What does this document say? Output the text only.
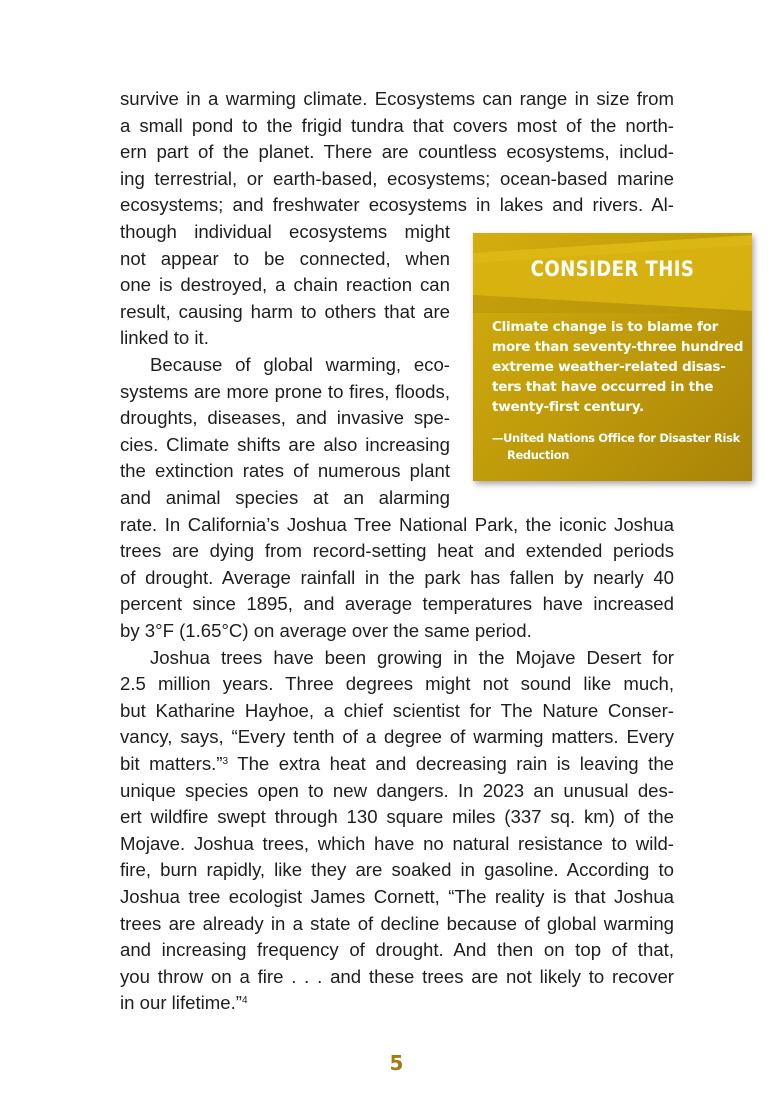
survive in a warming climate. Ecosystems can range in size from
a small pond to the frigid tundra that covers most of the north-
ern part of the planet. There are countless ecosystems, includ-
ing terrestrial, or earth-based, ecosystems; ocean-based marine
ecosystems; and freshwater ecosystems in lakes and rivers. Al-
though individual ecosystems might
not appear to be connected, when
one is destroyed, a chain reaction can
result, causing harm to others that are
linked to it.
Because of global warming, eco-
systems are more prone to fires, floods,
droughts, diseases, and invasive spe-
cies. Climate shifts are also increasing
the extinction rates of numerous plant
and animal species at an alarming
rate. In California’s Joshua Tree National Park, the iconic Joshua
trees are dying from record-setting heat and extended periods
of drought. Average rainfall in the park has fallen by nearly 40
percent since 1895, and average temperatures have increased
by 3°F (1.65°C) on average over the same period.
Joshua trees have been growing in the Mojave Desert for
2.5 million years. Three degrees might not sound like much,
but Katharine Hayhoe, a chief scientist for The Nature Conser-
vancy, says, “Every tenth of a degree of warming matters. Every
bit matters.”$^3$ The extra heat and decreasing rain is leaving the
unique species open to new dangers. In 2023 an unusual des-
ert wildfire swept through 130 square miles (337 sq. km) of the
Mojave. Joshua trees, which have no natural resistance to wild-
fire, burn rapidly, like they are soaked in gasoline. According to
Joshua tree ecologist James Cornett, “The reality is that Joshua
trees are already in a state of decline because of global warming
and increasing frequency of drought. And then on top of that,
you throw on a fire . . . and these trees are not likely to recover
in our lifetime.”$^4$
CONSIDER THIS
Climate change is to blame for
more than seventy-three hundred
extreme weather-related disas-
ters that have occurred in the
twenty-first century.
—United Nations Office for Disaster Risk
Reduction
5
